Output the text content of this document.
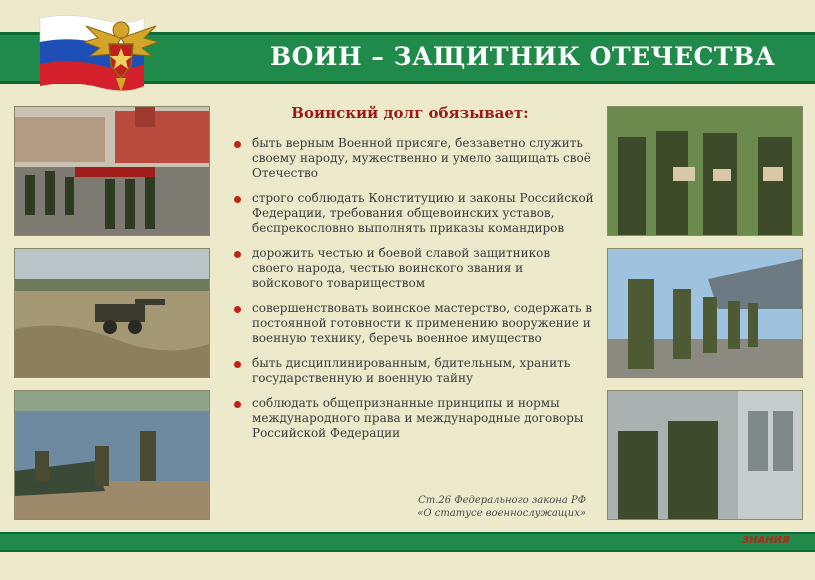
ВОИН – ЗАЩИТНИК ОТЕЧЕСТВА
Воинский долг обязывает:
быть верным Военной присяге, беззаветно служить своему народу, мужественно и умело защищать своё Отечество
строго соблюдать Конституцию и законы Российской Федерации, требования общевоинских уставов, беспрекословно выполнять приказы командиров
дорожить честью и боевой славой защитников своего народа, честью воинского звания и войскового товариществом
совершенствовать воинское мастерство, содержать в постоянной готовности к применению вооружение и военную технику, беречь военное имущество
быть дисциплинированным, бдительным, хранить государственную и военную тайну
соблюдать общепризнанные принципы и нормы международного права и международные договоры Российской Федерации
Ст.26 Федерального закона РФ
«О статусе военнослужащих»
ЗНАНИЯ
